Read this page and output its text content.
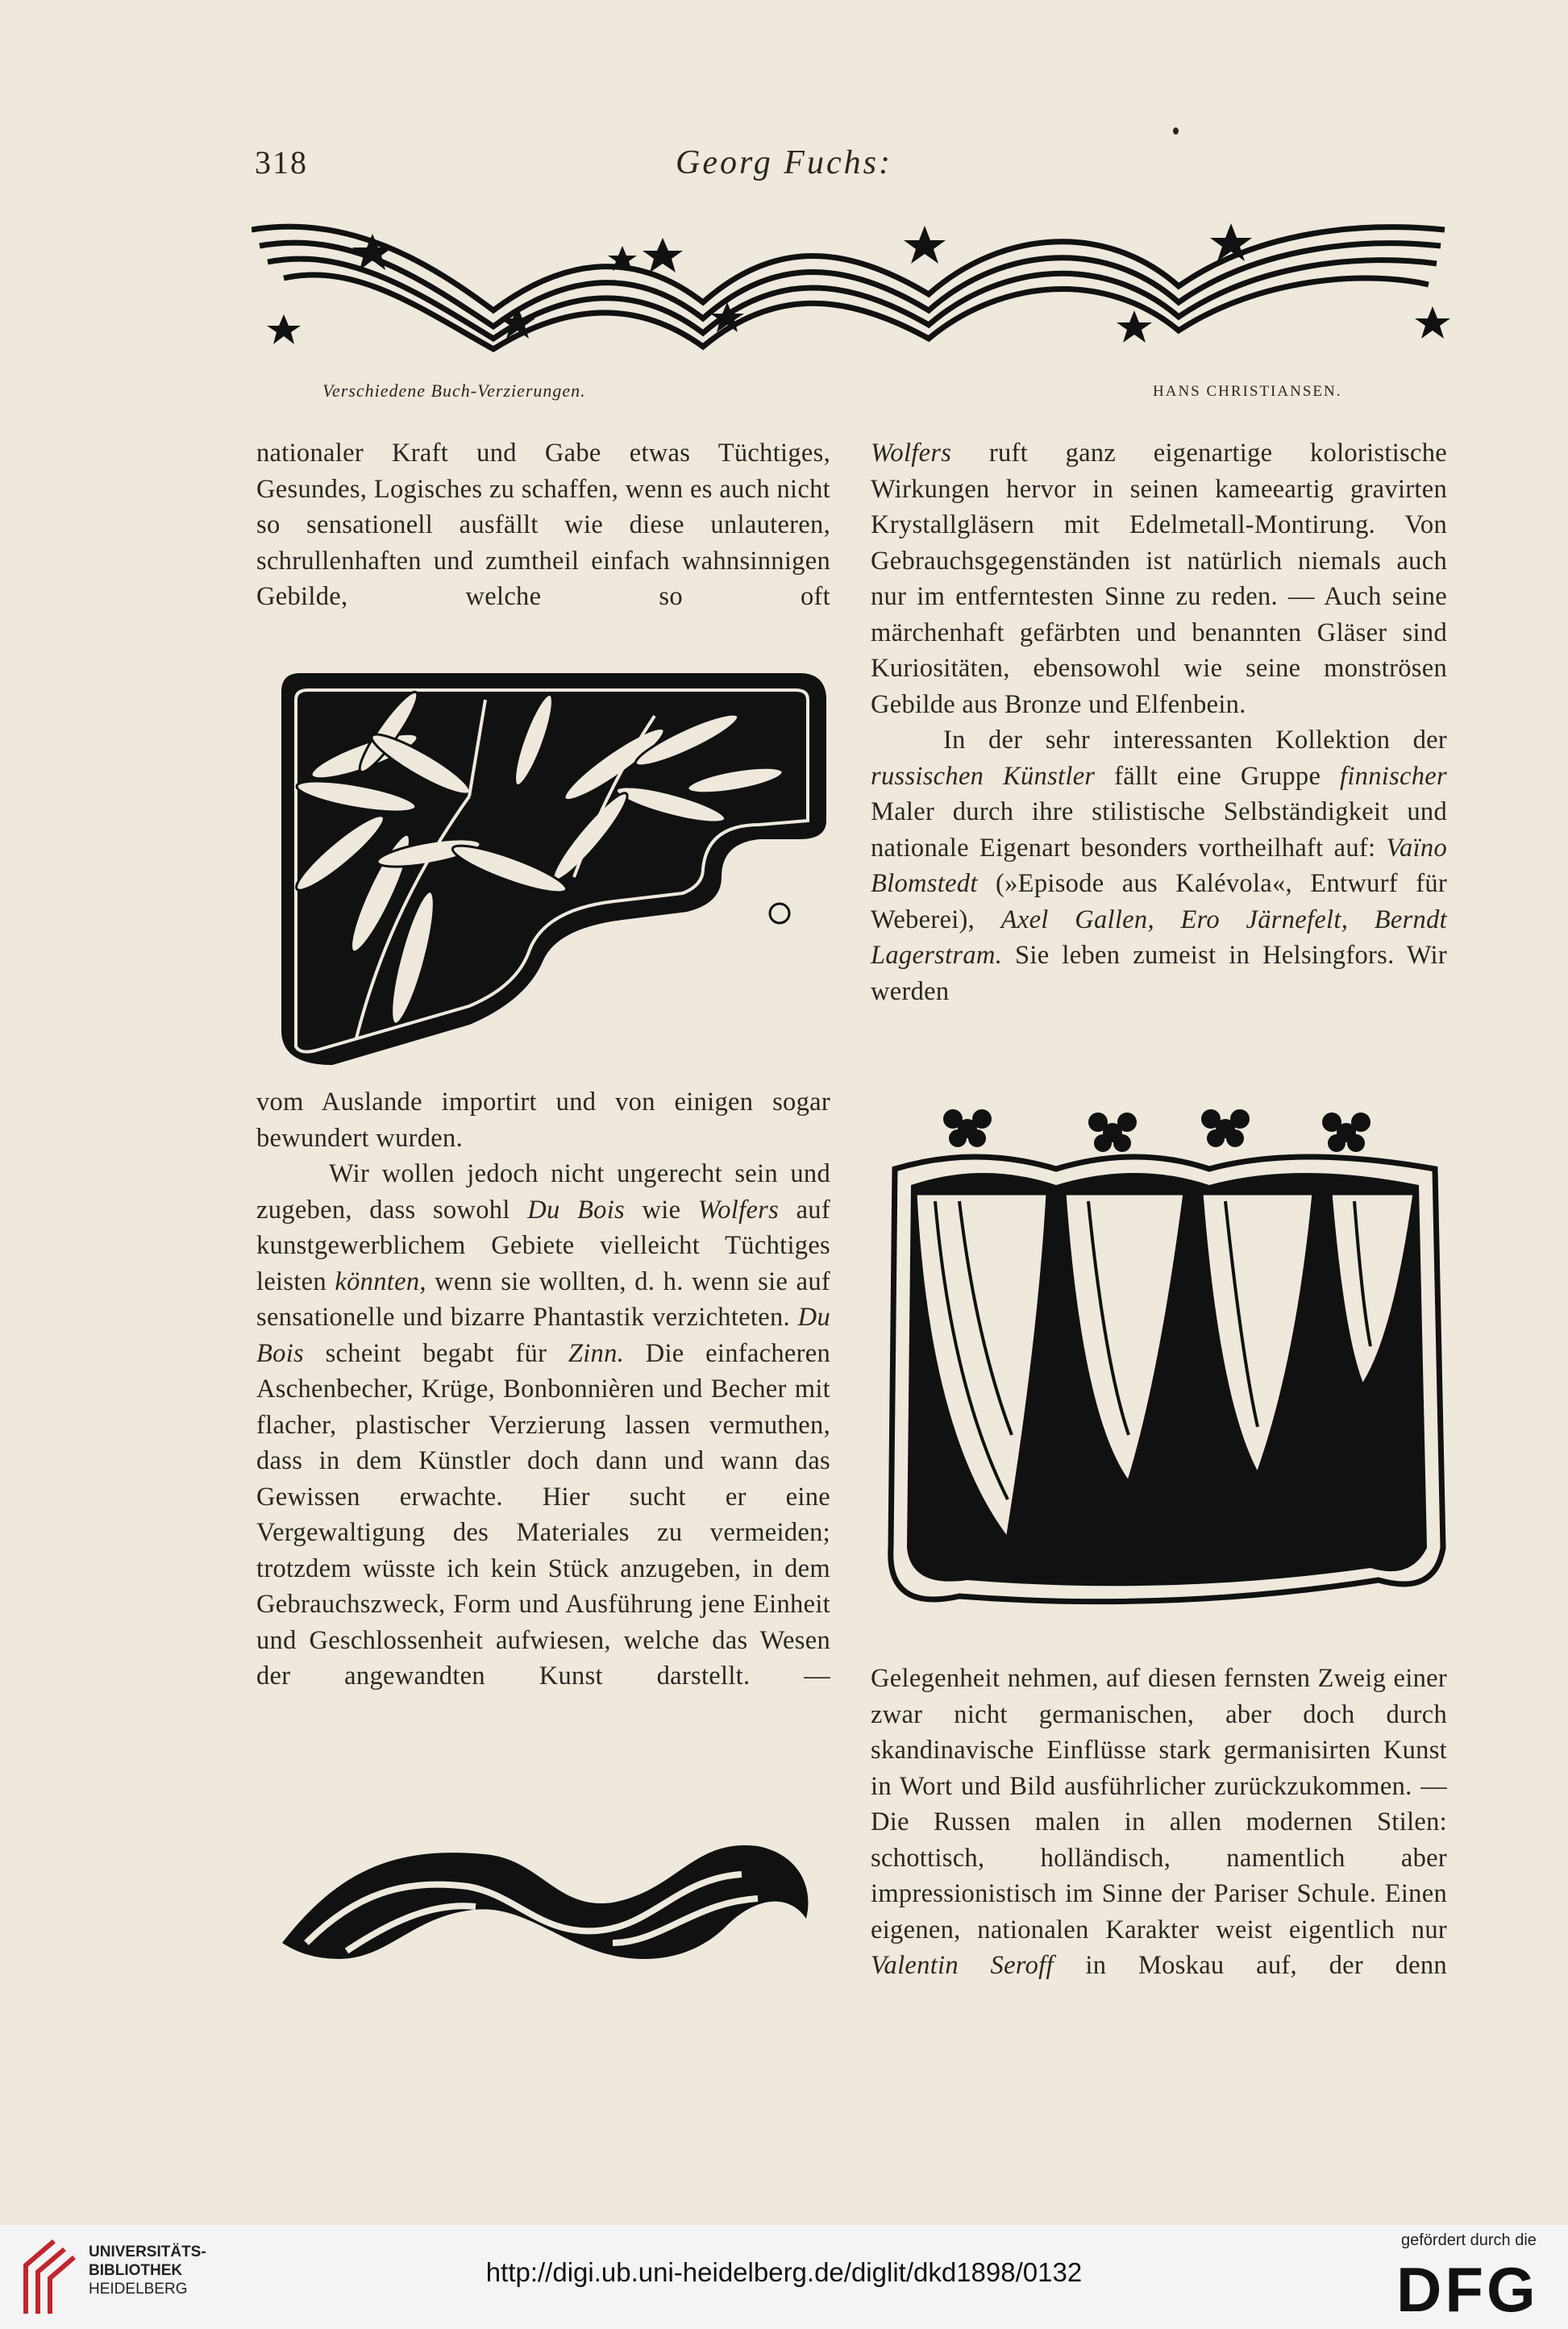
318	Georg Fuchs:
Verschiedene Buch-Verzierungen.	HANS CHRISTIANSEN.

nationaler Kraft und Gabe etwas Tüchtiges, Gesundes, Logisches zu schaffen, wenn es auch nicht so sensationell ausfällt wie diese unlauteren, schrullenhaften und zumtheil einfach wahnsinnigen Gebilde, welche so oft

vom Auslande importirt und von einigen sogar bewundert wurden.

Wir wollen jedoch nicht ungerecht sein und zugeben, dass sowohl Du Bois wie Wolfers auf kunstgewerblichem Gebiete vielleicht Tüchtiges leisten könnten, wenn sie wollten, d. h. wenn sie auf sensationelle und bizarre Phantastik verzichteten. Du Bois scheint begabt für Zinn. Die einfacheren Aschenbecher, Krüge, Bonbonnièren und Becher mit flacher, plastischer Verzierung lassen vermuthen, dass in dem Künstler doch dann und wann das Gewissen erwachte. Hier sucht er eine Vergewaltigung des Materiales zu vermeiden; trotzdem wüsste ich kein Stück anzugeben, in dem Gebrauchszweck, Form und Ausführung jene Einheit und Geschlossenheit aufwiesen, welche das Wesen der angewandten Kunst darstellt. —

Wolfers ruft ganz eigenartige koloristische Wirkungen hervor in seinen kameeartig gravirten Krystallgläsern mit Edelmetall-Montirung. Von Gebrauchsgegenständen ist natürlich niemals auch nur im entferntesten Sinne zu reden. — Auch seine märchenhaft gefärbten und benannten Gläser sind Kuriositäten, ebensowohl wie seine monströsen Gebilde aus Bronze und Elfenbein.

In der sehr interessanten Kollektion der russischen Künstler fällt eine Gruppe finnischer Maler durch ihre stilistische Selbständigkeit und nationale Eigenart besonders vortheilhaft auf: Vaïno Blomstedt (»Episode aus Kalévola«, Entwurf für Weberei), Axel Gallen, Ero Järnefelt, Berndt Lagerstram. Sie leben zumeist in Helsingfors. Wir werden

Gelegenheit nehmen, auf diesen fernsten Zweig einer zwar nicht germanischen, aber doch durch skandinavische Einflüsse stark germanisirten Kunst in Wort und Bild ausführlicher zurückzukommen. — Die Russen malen in allen modernen Stilen: schottisch, holländisch, namentlich aber impressionistisch im Sinne der Pariser Schule. Einen eigenen, nationalen Karakter weist eigentlich nur Valentin Seroff in Moskau auf, der denn

UNIVERSITÄTS-
BIBLIOTHEK
HEIDELBERG
http://digi.ub.uni-heidelberg.de/diglit/dkd1898/0132
gefördert durch die
DFG
